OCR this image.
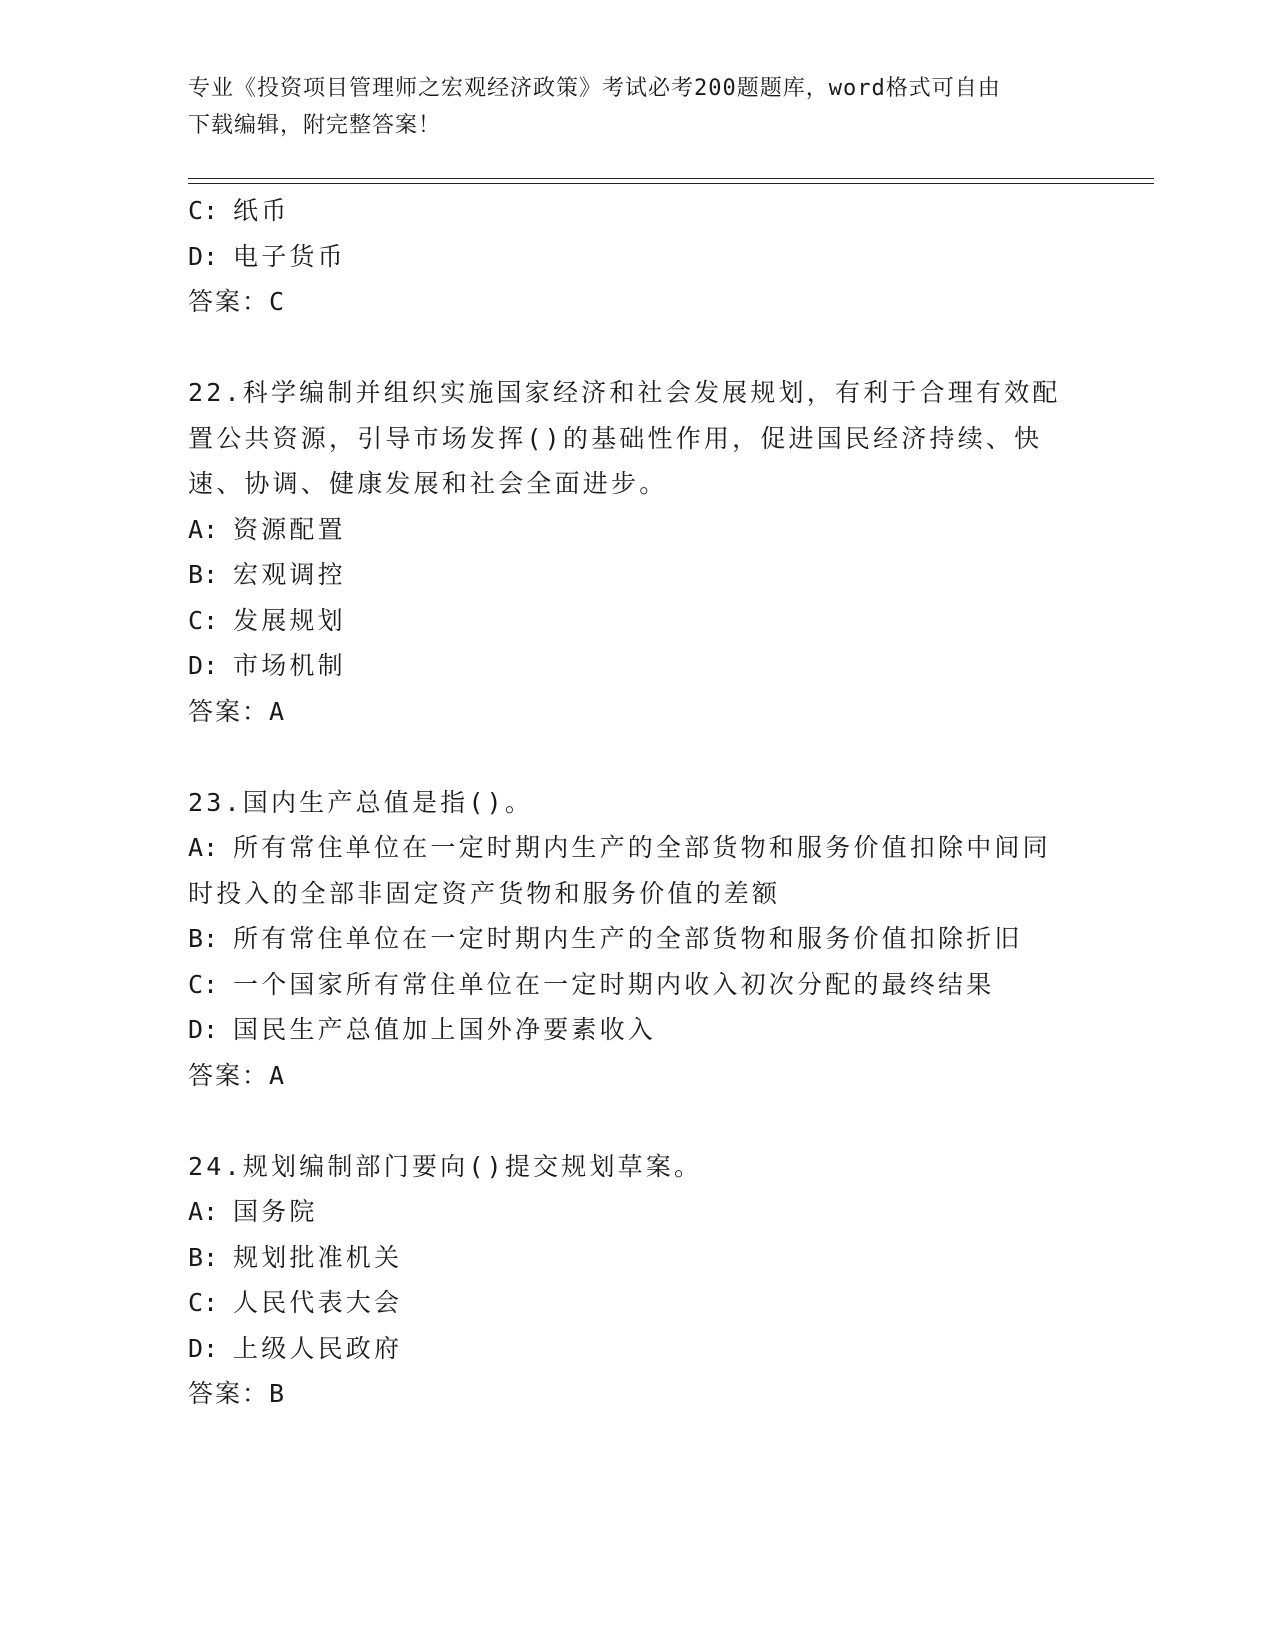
专业《投资项目管理师之宏观经济政策》考试必考200题题库，word格式可自由
下载编辑，附完整答案！
C: 纸币
D: 电子货币
答案：C
22.科学编制并组织实施国家经济和社会发展规划，有利于合理有效配
置公共资源，引导市场发挥()的基础性作用，促进国民经济持续、快
速、协调、健康发展和社会全面进步。
A: 资源配置
B: 宏观调控
C: 发展规划
D: 市场机制
答案：A
23.国内生产总值是指()。
A: 所有常住单位在一定时期内生产的全部货物和服务价值扣除中间同
时投入的全部非固定资产货物和服务价值的差额
B: 所有常住单位在一定时期内生产的全部货物和服务价值扣除折旧
C: 一个国家所有常住单位在一定时期内收入初次分配的最终结果
D: 国民生产总值加上国外净要素收入
答案：A
24.规划编制部门要向()提交规划草案。
A: 国务院
B: 规划批准机关
C: 人民代表大会
D: 上级人民政府
答案：B
